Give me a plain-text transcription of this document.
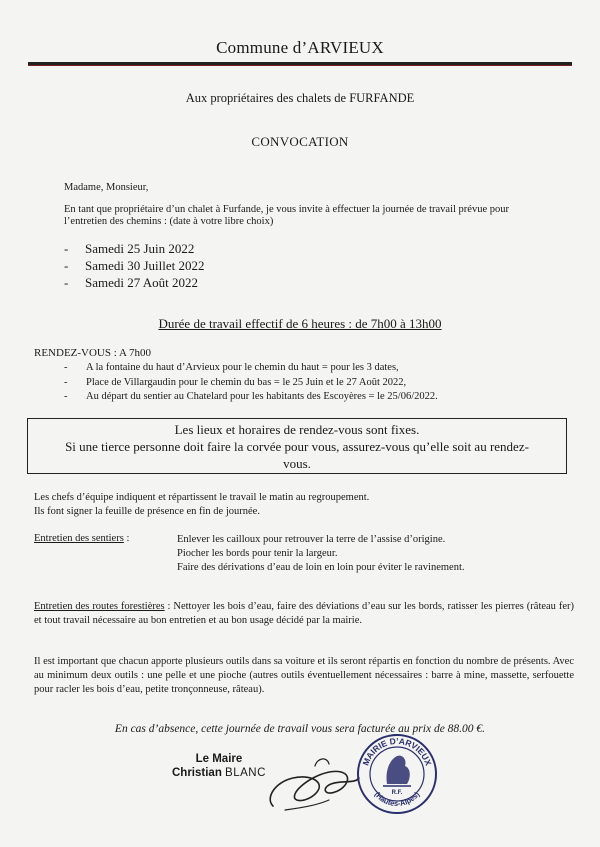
Commune d’ARVIEUX
Aux propriétaires des chalets de FURFANDE
CONVOCATION
Madame, Monsieur,
En tant que propriétaire d’un chalet à Furfande, je vous invite à effectuer la journée de travail prévue pour l’entretien des chemins : (date à votre libre choix)
- Samedi 25 Juin 2022
- Samedi 30 Juillet 2022
- Samedi 27 Août 2022
Durée de travail effectif de 6 heures : de 7h00 à 13h00
RENDEZ-VOUS : A 7h00
- A la fontaine du haut d’Arvieux pour le chemin du haut = pour les 3 dates,
- Place de Villargaudin pour le chemin du bas = le 25 Juin et le 27 Août 2022,
- Au départ du sentier au Chatelard pour les habitants des Escoyères = le 25/06/2022.
Les lieux et horaires de rendez-vous sont fixes.
Si une tierce personne doit faire la corvée pour vous, assurez-vous qu’elle soit au rendez-
vous.
Les chefs d’équipe indiquent et répartissent le travail le matin au regroupement.
Ils font signer la feuille de présence en fin de journée.
Entretien des sentiers :	Enlever les cailloux pour retrouver la terre de l’assise d’origine.
Piocher les bords pour tenir la largeur.
Faire des dérivations d’eau de loin en loin pour éviter le ravinement.
Entretien des routes forestières : Nettoyer les bois d’eau, faire des déviations d’eau sur les bords, ratisser les pierres (râteau fer) et tout travail nécessaire au bon entretien et au bon usage décidé par la mairie.
Il est important que chacun apporte plusieurs outils dans sa voiture et ils seront répartis en fonction du nombre de présents. Avec au minimum deux outils : une pelle et une pioche (autres outils éventuellement nécessaires : barre à mine, massette, serfouette pour racler les bois d’eau, petite tronçonneuse, râteau).
En cas d’absence, cette journée de travail vous sera facturée au prix de 88.00 €.
Le Maire
Christian BLANC
MAIRIE D’ARVIEUX
(Hautes-Alpes)
R.F.
